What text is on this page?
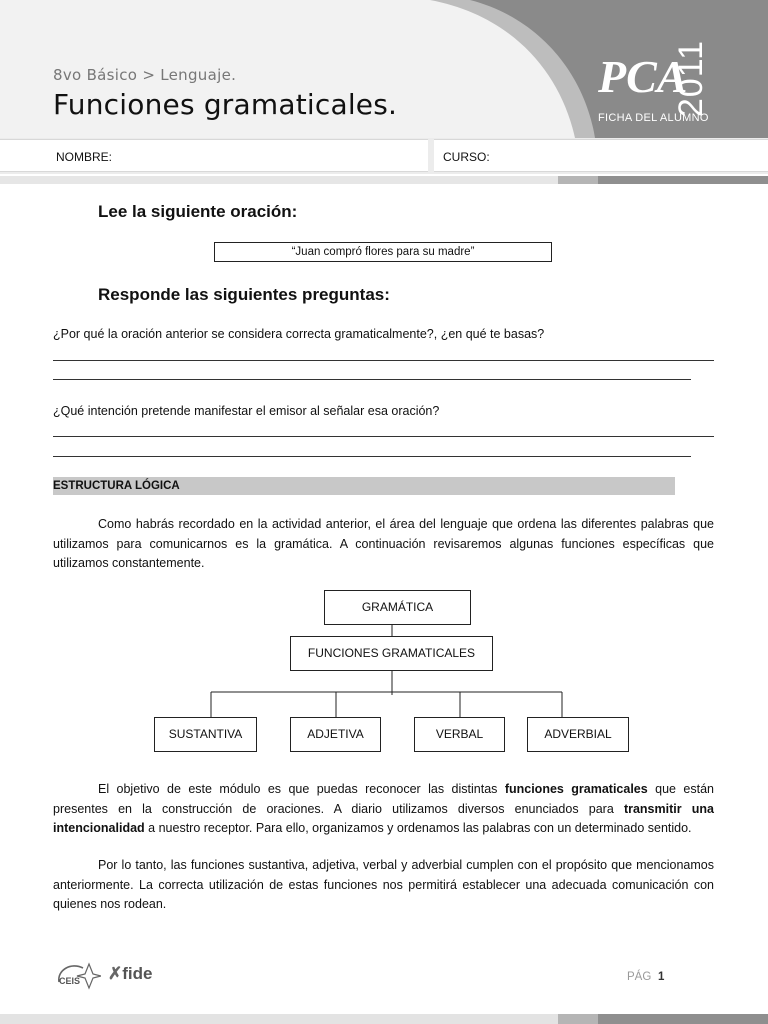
8vo Básico > Lenguaje.
Funciones gramaticales.
PCA
2011
FICHA DEL ALUMNO
NOMBRE:	CURSO:
Lee la siguiente oración:
“Juan compró flores para su madre”
Responde las siguientes preguntas:
¿Por qué la oración anterior se considera correcta gramaticalmente?, ¿en qué te basas?
¿Qué intención pretende manifestar el emisor al señalar esa oración?
ESTRUCTURA LÓGICA
Como habrás recordado en la actividad anterior, el área del lenguaje que ordena las diferentes palabras que utilizamos para comunicarnos es la gramática. A continuación revisaremos algunas funciones específicas que utilizamos constantemente.
GRAMÁTICA
FUNCIONES GRAMATICALES
SUSTANTIVA	ADJETIVA	VERBAL	ADVERBIAL
El objetivo de este módulo es que puedas reconocer las distintas funciones gramaticales que están presentes en la construcción de oraciones. A diario utilizamos diversos enunciados para transmitir una intencionalidad a nuestro receptor. Para ello, organizamos y ordenamos las palabras con un determinado sentido.
Por lo tanto, las funciones sustantiva, adjetiva, verbal y adverbial cumplen con el propósito que mencionamos anteriormente. La correcta utilización de estas funciones nos permitirá establecer una adecuada comunicación con quienes nos rodean.
CEIS ✗fide	PÁG 1
